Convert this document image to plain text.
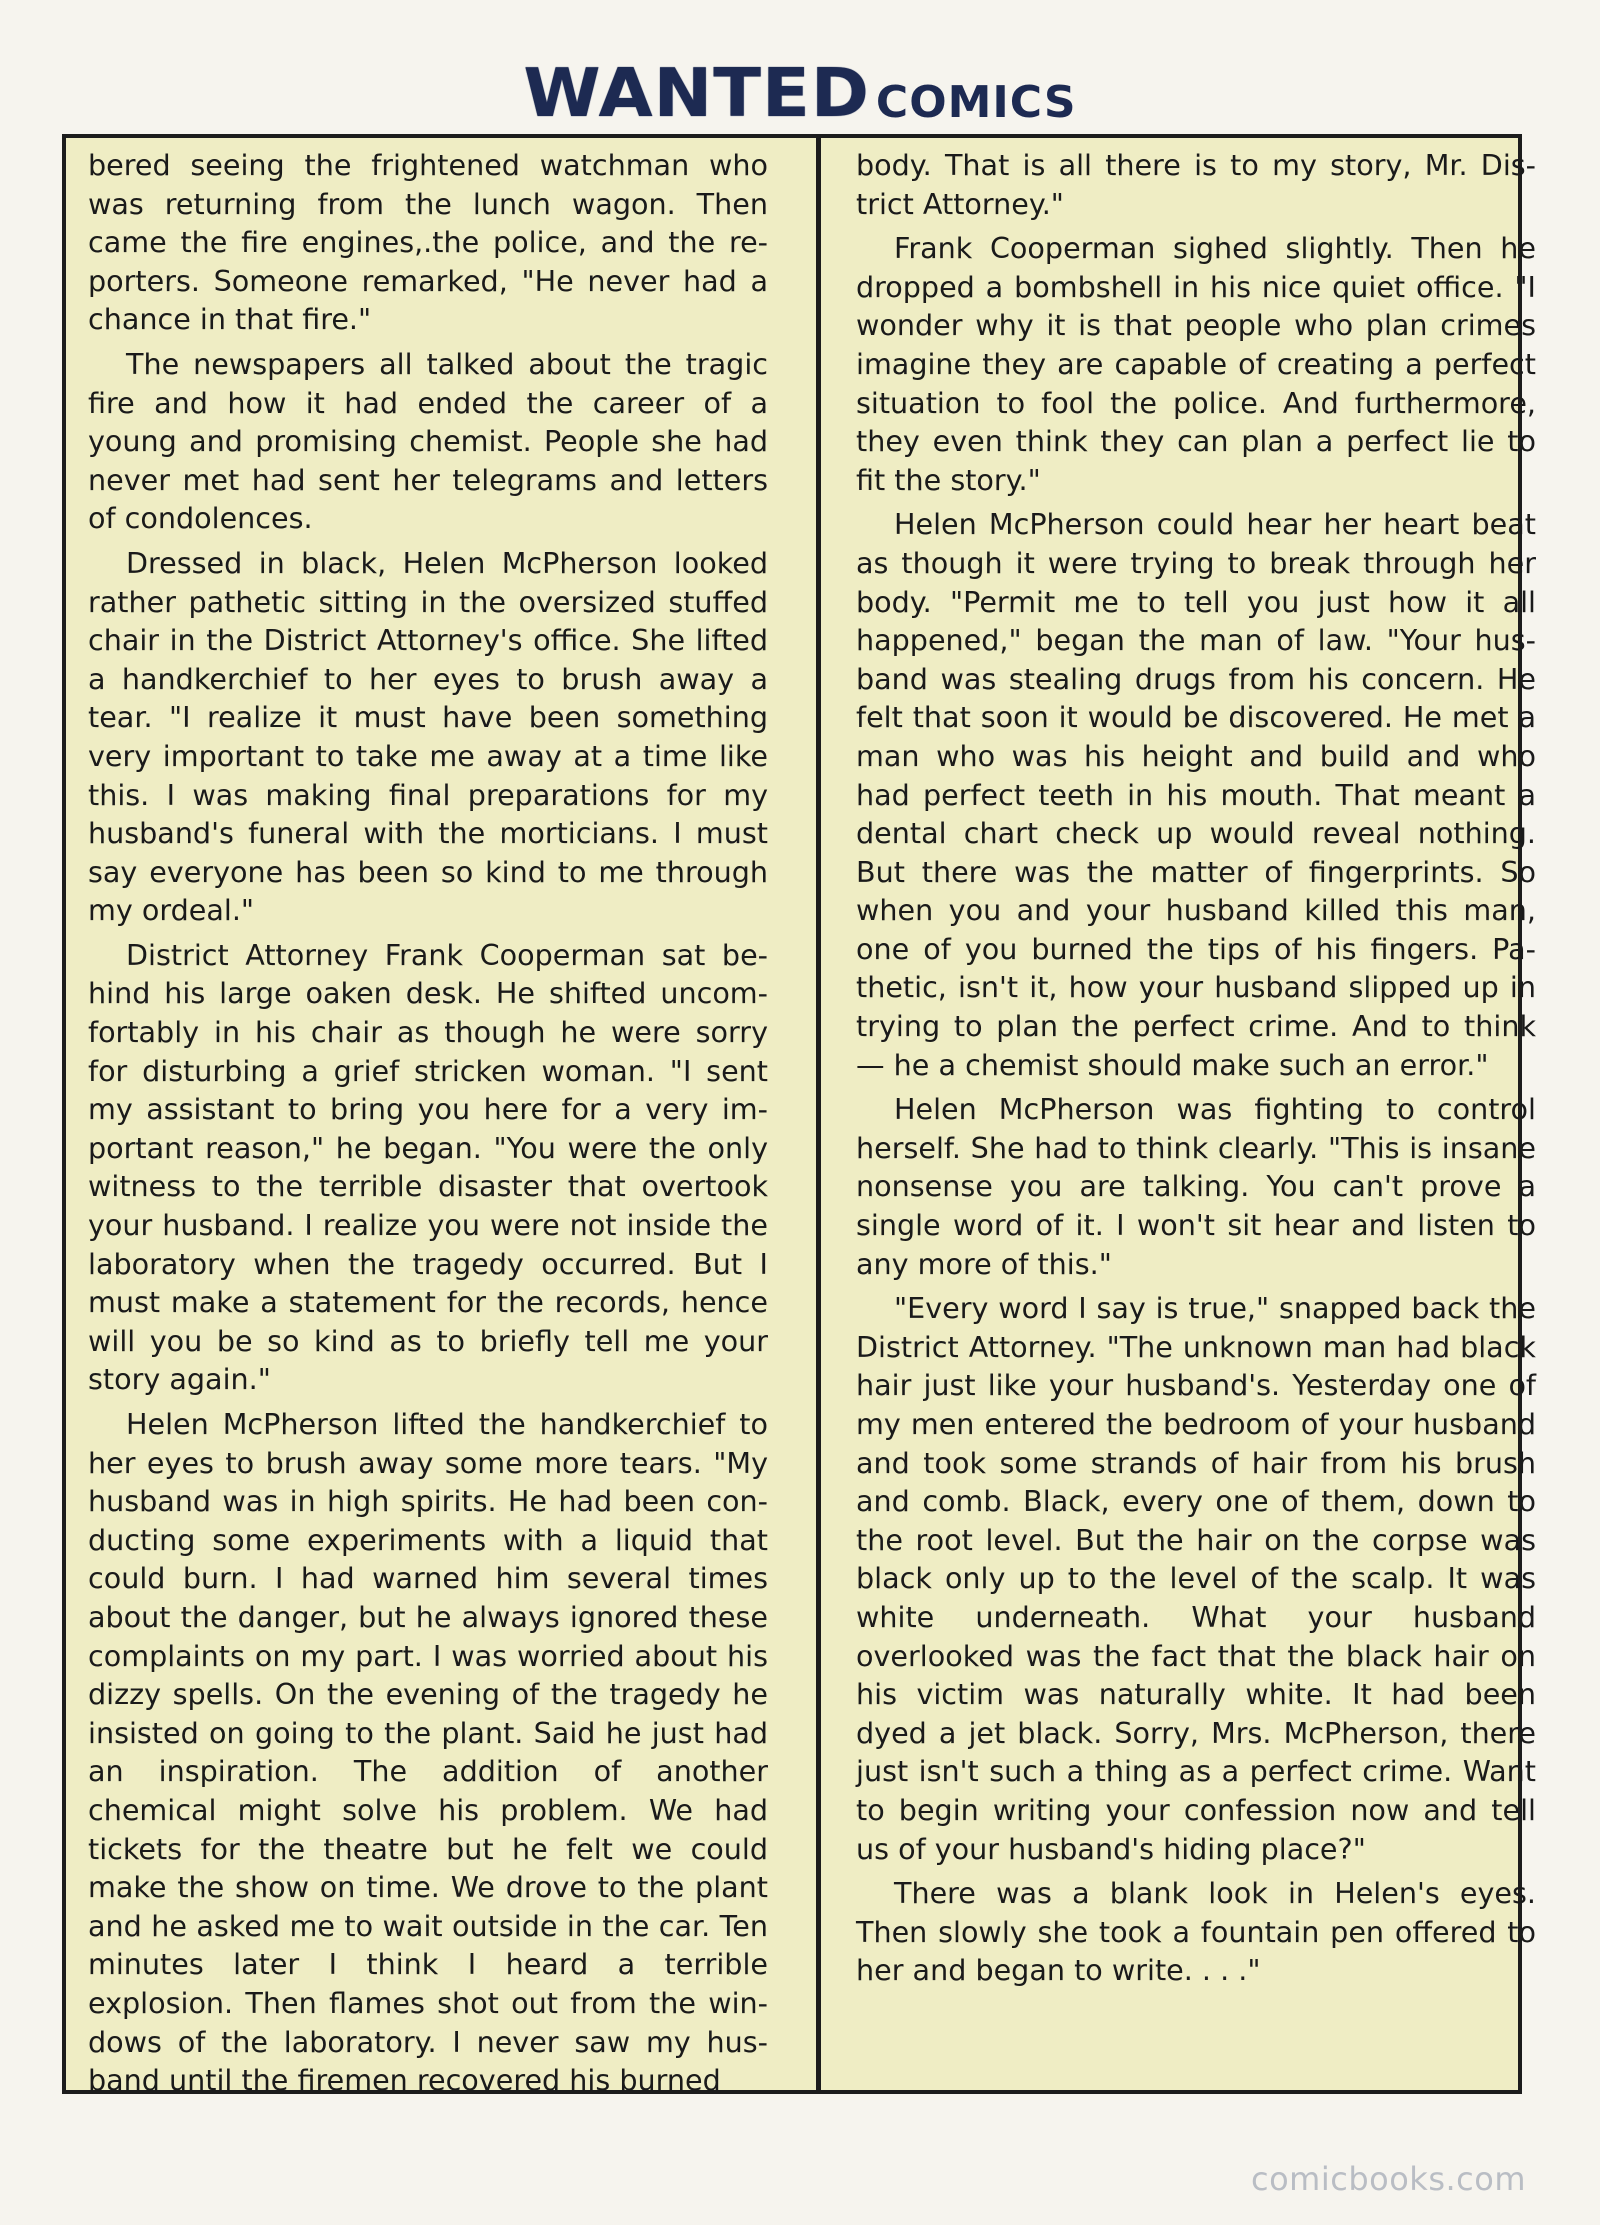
WANTED COMICS

bered seeing the frightened watchman who was returning from the lunch wagon. Then came the fire engines,.the police, and the reporters. Someone remarked, "He never had a chance in that fire."

The newspapers all talked about the tragic fire and how it had ended the career of a young and promising chemist. People she had never met had sent her telegrams and letters of condolences.

Dressed in black, Helen McPherson looked rather pathetic sitting in the oversized stuffed chair in the District Attorney's office. She lifted a handkerchief to her eyes to brush away a tear. "I realize it must have been something very important to take me away at a time like this. I was making final preparations for my husband's funeral with the morticians. I must say everyone has been so kind to me through my ordeal."

District Attorney Frank Cooperman sat behind his large oaken desk. He shifted uncomfortably in his chair as though he were sorry for disturbing a grief stricken woman. "I sent my assistant to bring you here for a very important reason," he began. "You were the only witness to the terrible disaster that overtook your husband. I realize you were not inside the laboratory when the tragedy occurred. But I must make a statement for the records, hence will you be so kind as to briefly tell me your story again."

Helen McPherson lifted the handkerchief to her eyes to brush away some more tears. "My husband was in high spirits. He had been conducting some experiments with a liquid that could burn. I had warned him several times about the danger, but he always ignored these complaints on my part. I was worried about his dizzy spells. On the evening of the tragedy he insisted on going to the plant. Said he just had an inspiration. The addition of another chemical might solve his problem. We had tickets for the theatre but he felt we could make the show on time. We drove to the plant and he asked me to wait outside in the car. Ten minutes later I think I heard a terrible explosion. Then flames shot out from the windows of the laboratory. I never saw my husband until the firemen recovered his burned

body. That is all there is to my story, Mr. District Attorney."

Frank Cooperman sighed slightly. Then he dropped a bombshell in his nice quiet office. "I wonder why it is that people who plan crimes imagine they are capable of creating a perfect situation to fool the police. And furthermore, they even think they can plan a perfect lie to fit the story."

Helen McPherson could hear her heart beat as though it were trying to break through her body. "Permit me to tell you just how it all happened," began the man of law. "Your husband was stealing drugs from his concern. He felt that soon it would be discovered. He met a man who was his height and build and who had perfect teeth in his mouth. That meant a dental chart check up would reveal nothing. But there was the matter of fingerprints. So when you and your husband killed this man, one of you burned the tips of his fingers. Pathetic, isn't it, how your husband slipped up in trying to plan the perfect crime. And to think — he a chemist should make such an error."

Helen McPherson was fighting to control herself. She had to think clearly. "This is insane nonsense you are talking. You can't prove a single word of it. I won't sit hear and listen to any more of this."

"Every word I say is true," snapped back the District Attorney. "The unknown man had black hair just like your husband's. Yesterday one of my men entered the bedroom of your husband and took some strands of hair from his brush and comb. Black, every one of them, down to the root level. But the hair on the corpse was black only up to the level of the scalp. It was white underneath. What your husband overlooked was the fact that the black hair on his victim was naturally white. It had been dyed a jet black. Sorry, Mrs. McPherson, there just isn't such a thing as a perfect crime. Want to begin writing your confession now and tell us of your husband's hiding place?"

There was a blank look in Helen's eyes. Then slowly she took a fountain pen offered to her and began to write. . . ."

comicbooks.com
